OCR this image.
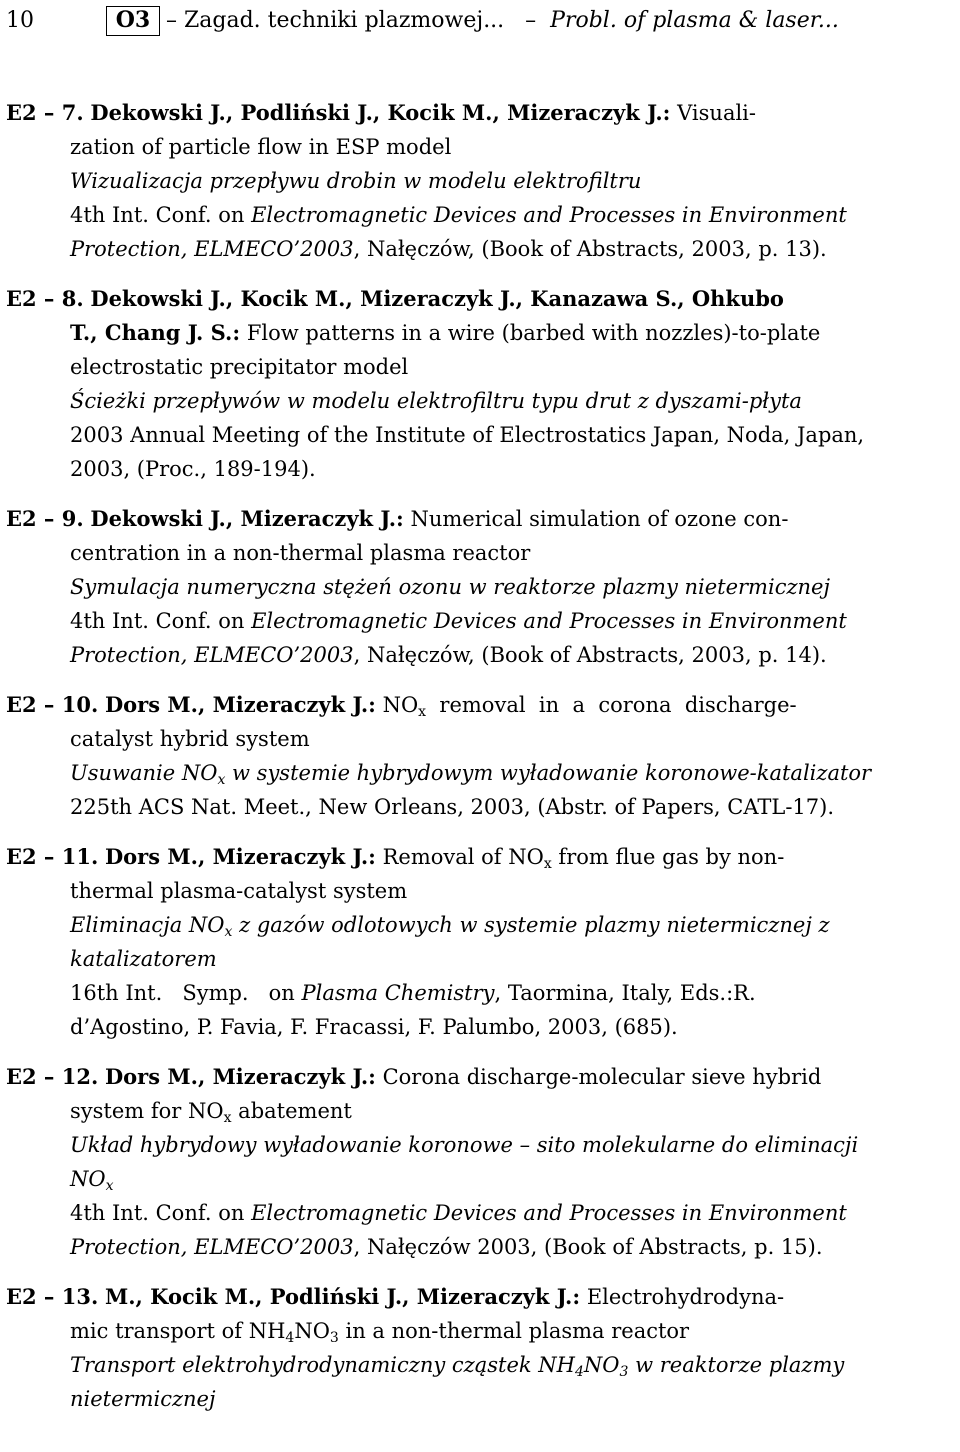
10	O3 – Zagad. techniki plazmowej... – Probl. of plasma & laser...
E2 – 7. Dekowski J., Podliński J., Kocik M., Mizeraczyk J.: Visuali-
zation of particle flow in ESP model
Wizualizacja przepływu drobin w modelu elektrofiltru
4th Int. Conf. on Electromagnetic Devices and Processes in Environment
Protection, ELMECO’2003, Nałęczów, (Book of Abstracts, 2003, p. 13).
E2 – 8. Dekowski J., Kocik M., Mizeraczyk J., Kanazawa S., Ohkubo
T., Chang J. S.: Flow patterns in a wire (barbed with nozzles)-to-plate
electrostatic precipitator model
Ścieżki przepływów w modelu elektrofiltru typu drut z dyszami-płyta
2003 Annual Meeting of the Institute of Electrostatics Japan, Noda, Japan,
2003, (Proc., 189-194).
E2 – 9. Dekowski J., Mizeraczyk J.: Numerical simulation of ozone con-
centration in a non-thermal plasma reactor
Symulacja numeryczna stężeń ozonu w reaktorze plazmy nietermicznej
4th Int. Conf. on Electromagnetic Devices and Processes in Environment
Protection, ELMECO’2003, Nałęczów, (Book of Abstracts, 2003, p. 14).
E2 – 10. Dors M., Mizeraczyk J.: $NO_x$  removal  in  a  corona  discharge-
catalyst hybrid system
Usuwanie $NO_x$ w systemie hybrydowym wyładowanie koronowe-katalizator
225th ACS Nat. Meet., New Orleans, 2003, (Abstr. of Papers, CATL-17).
E2 – 11. Dors M., Mizeraczyk J.: Removal of $NO_x$ from flue gas by non-
thermal plasma-catalyst system
Eliminacja $NO_x$ z gazów odlotowych w systemie plazmy nietermicznej z
katalizatorem
16th Int.   Symp.   on Plasma Chemistry, Taormina, Italy, Eds.:R.
d’Agostino, P. Favia, F. Fracassi, F. Palumbo, 2003, (685).
E2 – 12. Dors M., Mizeraczyk J.: Corona discharge-molecular sieve hybrid
system for $NO_x$ abatement
Układ hybrydowy wyładowanie koronowe – sito molekularne do eliminacji
$NO_x$
4th Int. Conf. on Electromagnetic Devices and Processes in Environment
Protection, ELMECO’2003, Nałęczów 2003, (Book of Abstracts, p. 15).
E2 – 13. M., Kocik M., Podliński J., Mizeraczyk J.: Electrohydrodyna-
mic transport of $NH_4NO_3$ in a non-thermal plasma reactor
Transport elektrohydrodynamiczny cząstek $NH_4NO_3$ w reaktorze plazmy
nietermicznej
